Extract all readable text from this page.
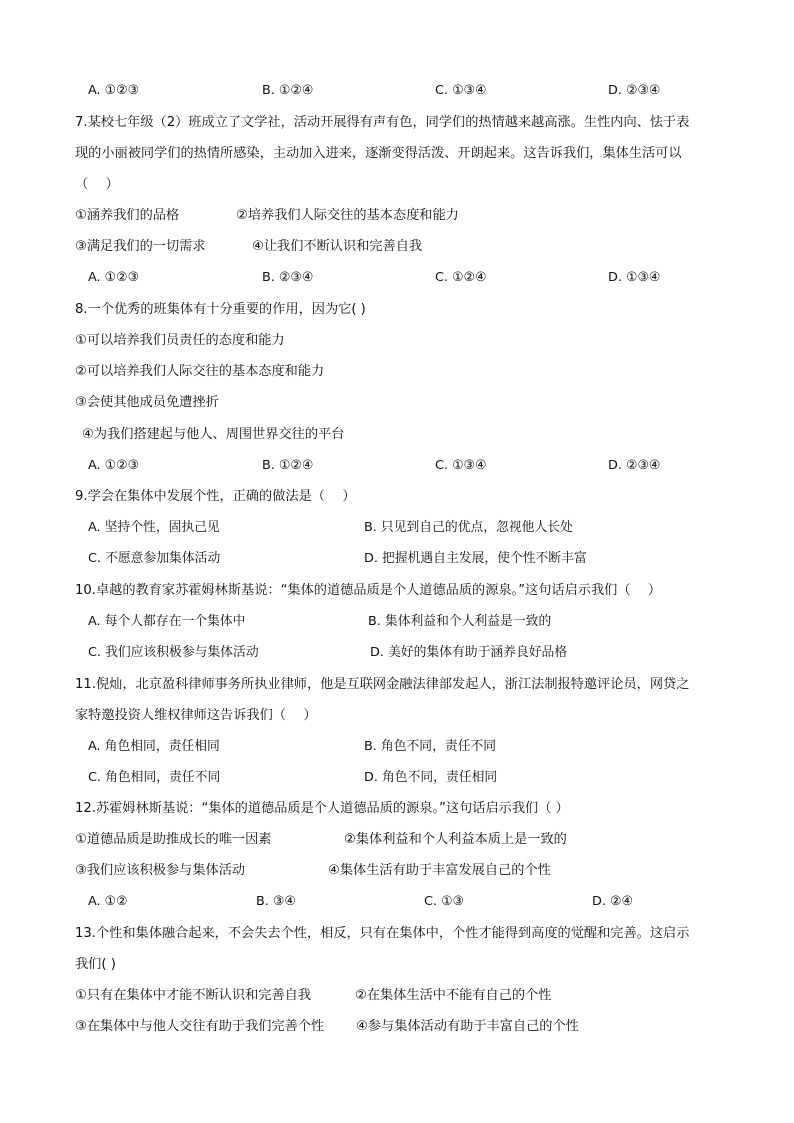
A. ①②③	B. ①②④	C. ①③④	D. ②③④
7.某校七年级（2）班成立了文学社，活动开展得有声有色，同学们的热情越来越高涨。生性内向、怯于表
现的小丽被同学们的热情所感染，主动加入进来，逐渐变得活泼、开朗起来。这告诉我们，集体生活可以
（　 ）
①涵养我们的品格	②培养我们人际交往的基本态度和能力
③满足我们的一切需求	④让我们不断认识和完善自我
A. ①②③	B. ②③④	C. ①②④	D. ①③④
8.一个优秀的班集体有十分重要的作用，因为它( )
①可以培养我们员责任的态度和能力
②可以培养我们人际交往的基本态度和能力
③会使其他成员免遭挫折
④为我们搭建起与他人、周围世界交往的平台
A. ①②③	B. ①②④	C. ①③④	D. ②③④
9.学会在集体中发展个性，正确的做法是（　 ）
A. 坚持个性，固执己见	B. 只见到自己的优点，忽视他人长处
C. 不愿意参加集体活动	D. 把握机遇自主发展，使个性不断丰富
10.卓越的教育家苏霍姆林斯基说：“集体的道德品质是个人道德品质的源泉。”这句话启示我们（　 ）
A. 每个人都存在一个集体中	B. 集体利益和个人利益是一致的
C. 我们应该积极参与集体活动	D. 美好的集体有助于涵养良好品格
11.倪灿，北京盈科律师事务所执业律师，他是互联网金融法律部发起人，浙江法制报特邀评论员，网贷之
家特邀投资人维权律师这告诉我们（　 ）
A. 角色相同，责任相同	B. 角色不同，责任不同
C. 角色相同，责任不同	D. 角色不同，责任相同
12.苏霍姆林斯基说：“集体的道德品质是个人道德品质的源泉。”这句话启示我们（ ）
①道德品质是助推成长的唯一因素	②集体利益和个人利益本质上是一致的
③我们应该积极参与集体活动	④集体生活有助于丰富发展自己的个性
A. ①②	B. ③④	C. ①③	D. ②④
13.个性和集体融合起来，不会失去个性，相反，只有在集体中，个性才能得到高度的觉醒和完善。这启示
我们( )
①只有在集体中才能不断认识和完善自我	②在集体生活中不能有自己的个性
③在集体中与他人交往有助于我们完善个性 ④参与集体活动有助于丰富自己的个性
